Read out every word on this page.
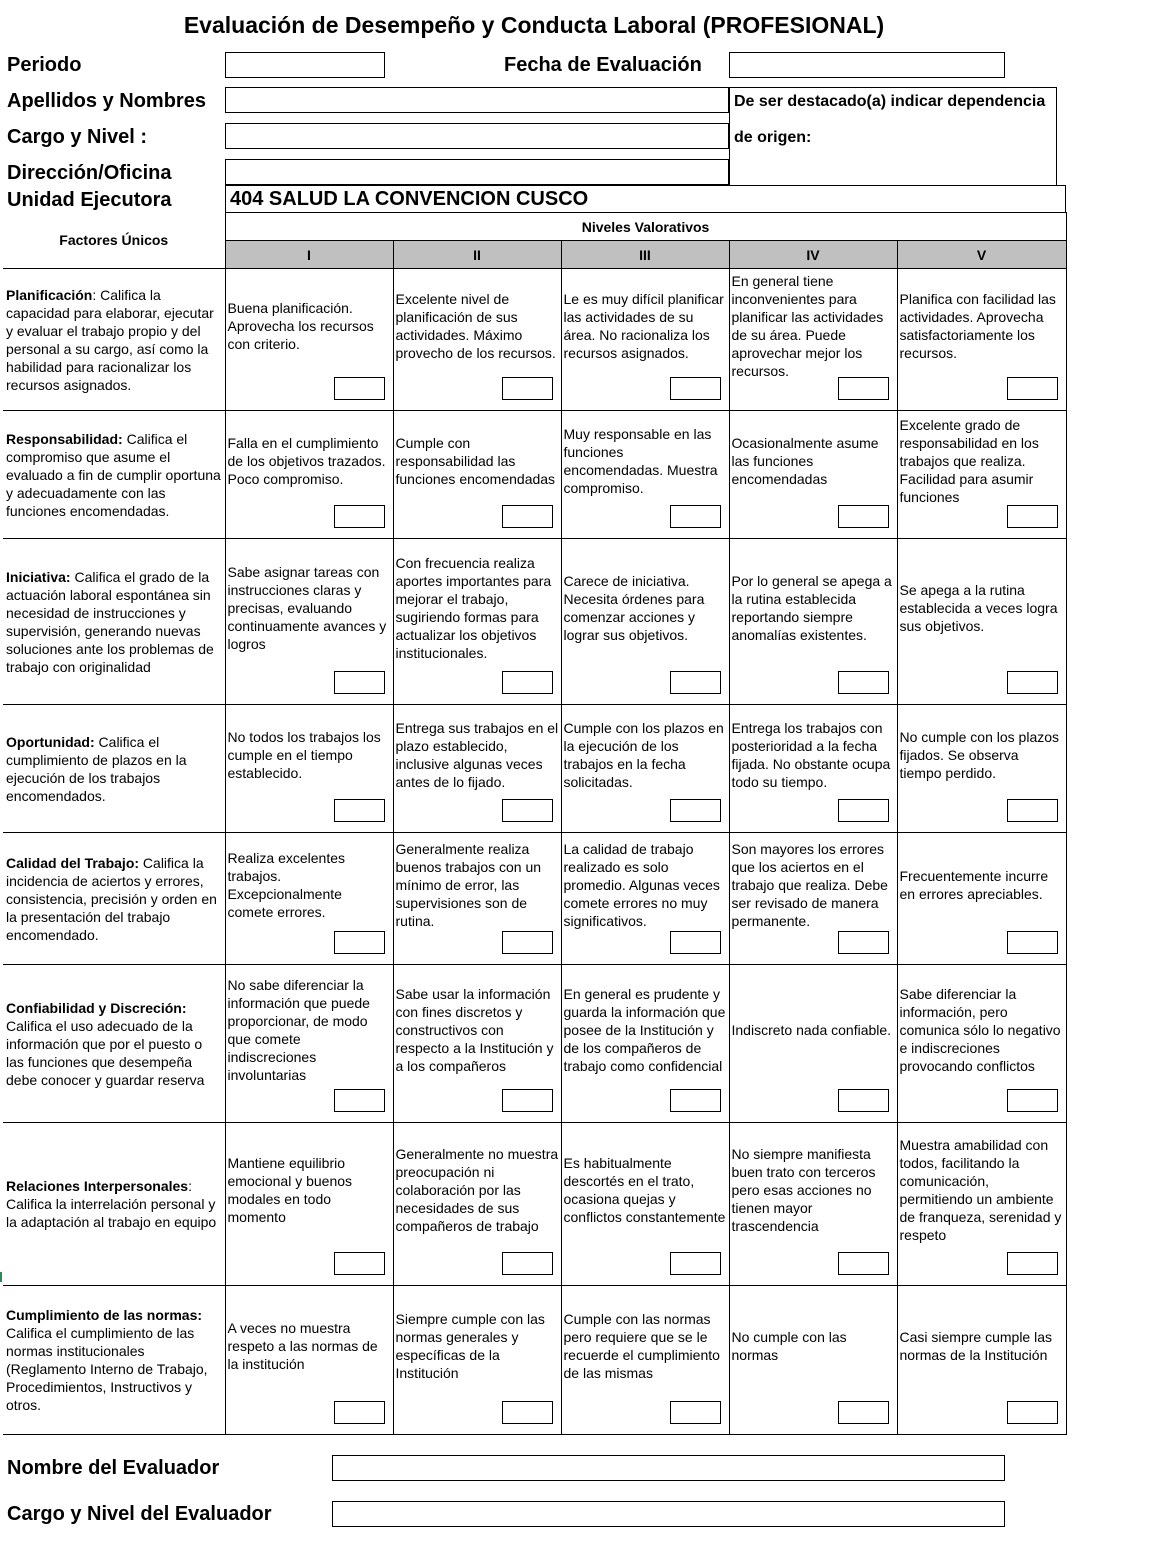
Evaluación de Desempeño y Conducta Laboral (PROFESIONAL)
Periodo	Fecha de Evaluación
Apellidos y Nombres
Cargo y Nivel :
Dirección/Oficina
De ser destacado(a) indicar dependencia
de origen:
Unidad Ejecutora	404 SALUD LA CONVENCION CUSCO
Factores Únicos	Niveles Valorativos				
	I	II	III	IV	V
Planificación: Califica la capacidad para elaborar, ejecutar y evaluar el trabajo propio y del personal a su cargo, así como la habilidad para racionalizar los recursos asignados.	Buena planificación. Aprovecha los recursos con criterio.	Excelente nivel de planificación de sus actividades. Máximo provecho de los recursos.	Le es muy difícil planificar las actividades de su área. No racionaliza los recursos asignados.	En general tiene inconvenientes para planificar las actividades de su área. Puede aprovechar mejor los recursos.	Planifica con facilidad las actividades. Aprovecha satisfactoriamente los recursos.

Responsabilidad: Califica el compromiso que asume el evaluado a fin de cumplir oportuna y adecuadamente con las funciones encomendadas.	Falla en el cumplimiento de los objetivos trazados. Poco compromiso.	Cumple con responsabilidad las funciones encomendadas	Muy responsable en las funciones encomendadas. Muestra compromiso.	Ocasionalmente asume las funciones encomendadas	Excelente grado de responsabilidad en los trabajos que realiza. Facilidad para asumir funciones

Iniciativa: Califica el grado de la actuación laboral espontánea sin necesidad de instrucciones y supervisión, generando nuevas soluciones ante los problemas de trabajo con originalidad	Sabe asignar tareas con instrucciones claras y precisas, evaluando continuamente avances y logros	Con frecuencia realiza aportes importantes para mejorar el trabajo, sugiriendo formas para actualizar los objetivos institucionales.	Carece de iniciativa. Necesita órdenes para comenzar acciones y lograr sus objetivos.	Por lo general se apega a la rutina establecida reportando siempre anomalías existentes.	Se apega a la rutina establecida a veces logra sus objetivos.

Oportunidad: Califica el cumplimiento de plazos en la ejecución de los trabajos encomendados.	No todos los trabajos los cumple en el tiempo establecido.	Entrega sus trabajos en el plazo establecido, inclusive algunas veces antes de lo fijado.	Cumple con los plazos en la ejecución de los trabajos en la fecha solicitadas.	Entrega los trabajos con posterioridad a la fecha fijada. No obstante ocupa todo su tiempo.	No cumple con los plazos fijados. Se observa tiempo perdido.

Calidad del Trabajo: Califica la incidencia de aciertos y errores, consistencia, precisión y orden en la presentación del trabajo encomendado.	Realiza excelentes trabajos. Excepcionalmente comete errores.	Generalmente realiza buenos trabajos con un mínimo de error, las supervisiones son de rutina.	La calidad de trabajo realizado es solo promedio. Algunas veces comete errores no muy significativos.	Son mayores los errores que los aciertos en el trabajo que realiza. Debe ser revisado de manera permanente.	Frecuentemente incurre en errores apreciables.

Confiabilidad y Discreción: Califica el uso adecuado de la información que por el puesto o las funciones que desempeña debe conocer y guardar reserva	No sabe diferenciar la información que puede proporcionar, de modo que comete indiscreciones involuntarias	Sabe usar la información con fines discretos y constructivos con respecto a la Institución y a los compañeros	En general es prudente y guarda la información que posee de la Institución y de los compañeros de trabajo como confidencial	Indiscreto nada confiable.	Sabe diferenciar la información, pero comunica sólo lo negativo e indiscreciones provocando conflictos

Relaciones Interpersonales: Califica la interrelación personal y la adaptación al trabajo en equipo	Mantiene equilibrio emocional y buenos modales en todo momento	Generalmente no muestra preocupación ni colaboración por las necesidades de sus compañeros de trabajo	Es habitualmente descortés en el trato, ocasiona quejas y conflictos constantemente	No siempre manifiesta buen trato con terceros pero esas acciones no tienen mayor trascendencia	Muestra amabilidad con todos, facilitando la comunicación, permitiendo un ambiente de franqueza, serenidad y respeto

Cumplimiento de las normas: Califica el cumplimiento de las normas institucionales (Reglamento Interno de Trabajo, Procedimientos, Instructivos y otros.	A veces no muestra respeto a las normas de la institución	Siempre cumple con las normas generales y específicas de la Institución	Cumple con las normas pero requiere que se le recuerde el cumplimiento de las mismas	No cumple con las normas	Casi siempre cumple las normas de la Institución
Nombre del Evaluador
Cargo y Nivel del Evaluador
